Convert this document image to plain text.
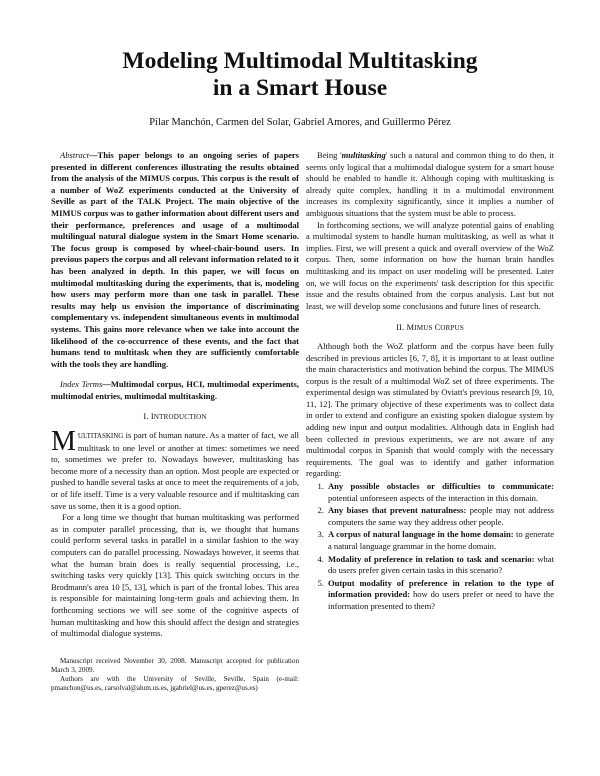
Modeling Multimodal Multitasking
in a Smart House
Pilar Manchón, Carmen del Solar, Gabriel Amores, and Guillermo Pérez

Abstract—This paper belongs to an ongoing series of papers presented in different conferences illustrating the results obtained from the analysis of the MIMUS corpus. This corpus is the result of a number of WoZ experiments conducted at the University of Seville as part of the TALK Project. The main objective of the MIMUS corpus was to gather information about different users and their performance, preferences and usage of a multimodal multilingual natural dialogue system in the Smart Home scenario. The focus group is composed by wheel-chair-bound users. In previous papers the corpus and all relevant information related to it has been analyzed in depth. In this paper, we will focus on multimodal multitasking during the experiments, that is, modeling how users may perform more than one task in parallel. These results may help us envision the importance of discriminating complementary vs. independent simultaneous events in multimodal systems. This gains more relevance when we take into account the likelihood of the co-occurrence of these events, and the fact that humans tend to multitask when they are sufficiently comfortable with the tools they are handling.

Index Terms—Multimodal corpus, HCI, multimodal experiments, multimodal entries, multimodal multitasking.

I. INTRODUCTION

MULTITASKING is part of human nature. As a matter of fact, we all multitask to one level or another at times: sometimes we need to, sometimes we prefer to. Nowadays however, multitasking has become more of a necessity than an option. Most people are expected or pushed to handle several tasks at once to meet the requirements of a job, or of life itself. Time is a very valuable resource and if multitasking can save us some, then it is a good option.

For a long time we thought that human multitasking was performed as in computer parallel processing, that is, we thought that humans could perform several tasks in parallel in a similar fashion to the way computers can do parallel processing. Nowadays however, it seems that what the human brain does is really sequential processing, i.e., switching tasks very quickly [13]. This quick switching occurs in the Brodmann's area 10 [5, 13], which is part of the frontal lobes. This area is responsible for maintaining long-term goals and achieving them. In forthcoming sections we will see some of the cognitive aspects of human multitasking and how this should affect the design and strategies of multimodal dialogue systems.

Manuscript received November 30, 2008. Manuscript accepted for publication March 3, 2009.

Authors are with the University of Seville, Seville, Spain (e-mail: pmanchon@us.es, carsolval@alum.us.es, jgabriel@us.es, gperez@us.es)

Being 'multitasking' such a natural and common thing to do then, it seems only logical that a multimodal dialogue system for a smart house should be enabled to handle it. Although coping with multitasking is already quite complex, handling it in a multimodal environment increases its complexity significantly, since it implies a number of ambiguous situations that the system must be able to process.

In forthcoming sections, we will analyze potential gains of enabling a multimodal system to handle human multitasking, as well as what it implies. First, we will present a quick and overall overview of the WoZ corpus. Then, some information on how the human brain handles multitasking and its impact on user modeling will be presented. Later on, we will focus on the experiments' task description for this specific issue and the results obtained from the corpus analysis. Last but not least, we will develop some conclusions and future lines of research.

II. MIMUS CORPUS

Although both the WoZ platform and the corpus have been fully described in previous articles [6, 7, 8], it is important to at least outline the main characteristics and motivation behind the corpus. The MIMUS corpus is the result of a multimodal WoZ set of three experiments. The experimental design was stimulated by Oviatt's previous research [9, 10, 11, 12]. The primary objective of these experiments was to collect data in order to extend and configure an existing spoken dialogue system by adding new input and output modalities. Although data in English had been collected in previous experiments, we are not aware of any multimodal corpus in Spanish that would comply with the necessary requirements. The goal was to identify and gather information regarding:

1. Any possible obstacles or difficulties to communicate: potential unforeseen aspects of the interaction in this domain.
2. Any biases that prevent naturalness: people may not address computers the same way they address other people.
3. A corpus of natural language in the home domain: to generate a natural language grammar in the home domain.
4. Modality of preference in relation to task and scenario: what do users prefer given certain tasks in this scenario?
5. Output modality of preference in relation to the type of information provided: how do users prefer or need to have the information presented to them?
